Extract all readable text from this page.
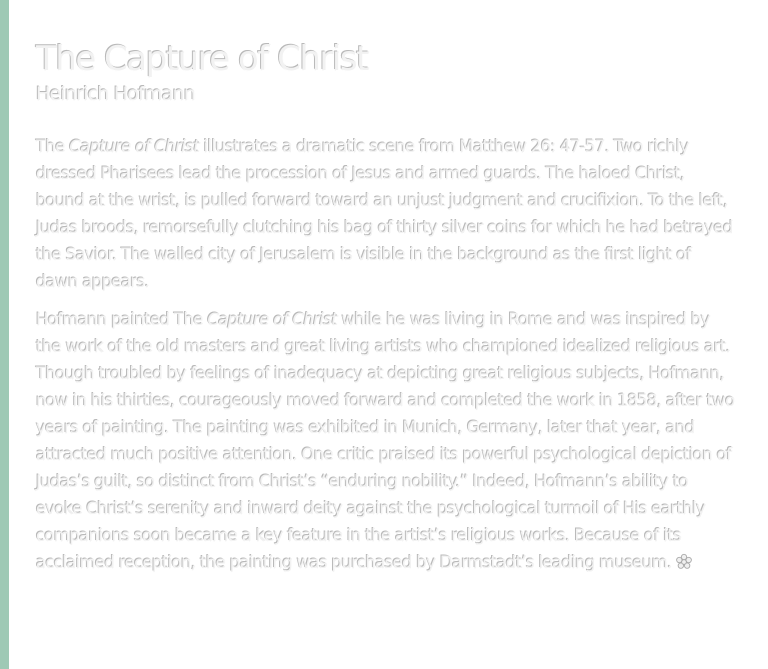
The Capture of Christ
Heinrich Hofmann

The Capture of Christ illustrates a dramatic scene from Matthew 26: 47-57. Two richly dressed Pharisees lead the procession of Jesus and armed guards. The haloed Christ, bound at the wrist, is pulled forward toward an unjust judgment and crucifixion. To the left, Judas broods, remorsefully clutching his bag of thirty silver coins for which he had betrayed the Savior. The walled city of Jerusalem is visible in the background as the first light of dawn appears.

Hofmann painted The Capture of Christ while he was living in Rome and was inspired by the work of the old masters and great living artists who championed idealized religious art. Though troubled by feelings of inadequacy at depicting great religious subjects, Hofmann, now in his thirties, courageously moved forward and completed the work in 1858, after two years of painting. The painting was exhibited in Munich, Germany, later that year, and attracted much positive attention. One critic praised its powerful psychological depiction of Judas’s guilt, so distinct from Christ’s “enduring nobility.” Indeed, Hofmann’s ability to evoke Christ’s serenity and inward deity against the psychological turmoil of His earthly companions soon became a key feature in the artist’s religious works. Because of its acclaimed reception, the painting was purchased by Darmstadt’s leading museum.
